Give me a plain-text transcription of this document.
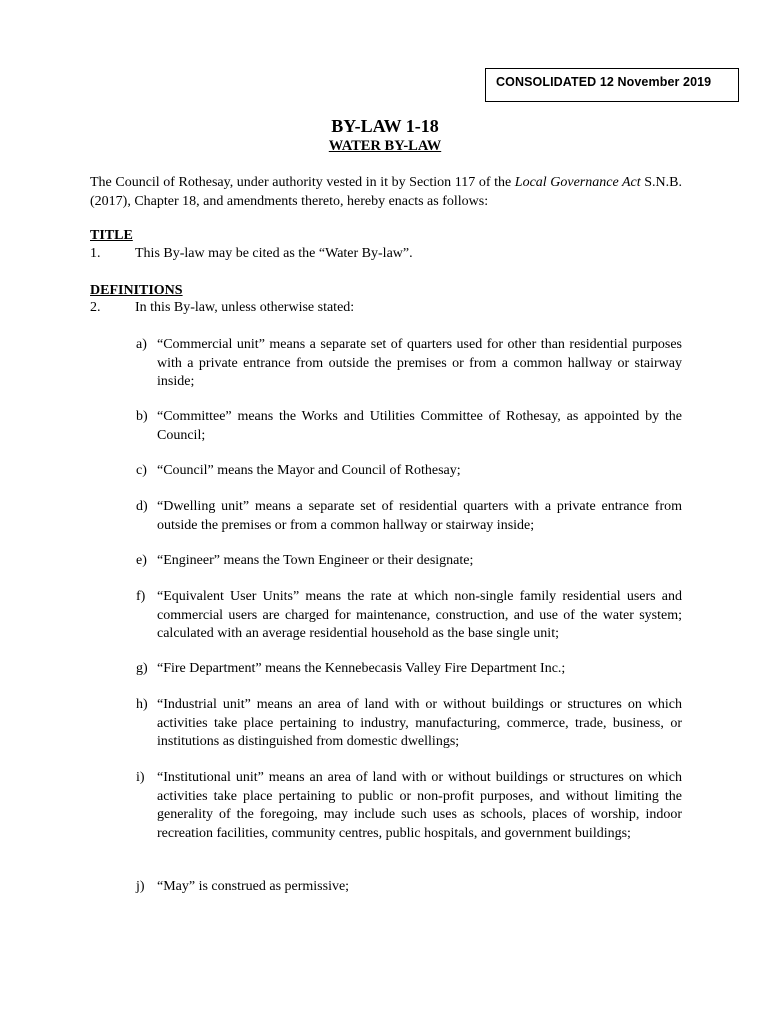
CONSOLIDATED 12 November 2019
BY-LAW 1-18
WATER BY-LAW
The Council of Rothesay, under authority vested in it by Section 117 of the Local Governance Act S.N.B. (2017), Chapter 18, and amendments thereto, hereby enacts as follows:
TITLE
1. This By-law may be cited as the “Water By-law”.
DEFINITIONS
2. In this By-law, unless otherwise stated:
a) “Commercial unit” means a separate set of quarters used for other than residential purposes with a private entrance from outside the premises or from a common hallway or stairway inside;
b) “Committee” means the Works and Utilities Committee of Rothesay, as appointed by the Council;
c) “Council” means the Mayor and Council of Rothesay;
d) “Dwelling unit” means a separate set of residential quarters with a private entrance from outside the premises or from a common hallway or stairway inside;
e) “Engineer” means the Town Engineer or their designate;
f) “Equivalent User Units” means the rate at which non-single family residential users and commercial users are charged for maintenance, construction, and use of the water system; calculated with an average residential household as the base single unit;
g) “Fire Department” means the Kennebecasis Valley Fire Department Inc.;
h) “Industrial unit” means an area of land with or without buildings or structures on which activities take place pertaining to industry, manufacturing, commerce, trade, business, or institutions as distinguished from domestic dwellings;
i) “Institutional unit” means an area of land with or without buildings or structures on which activities take place pertaining to public or non-profit purposes, and without limiting the generality of the foregoing, may include such uses as schools, places of worship, indoor recreation facilities, community centres, public hospitals, and government buildings;
j) “May” is construed as permissive;
